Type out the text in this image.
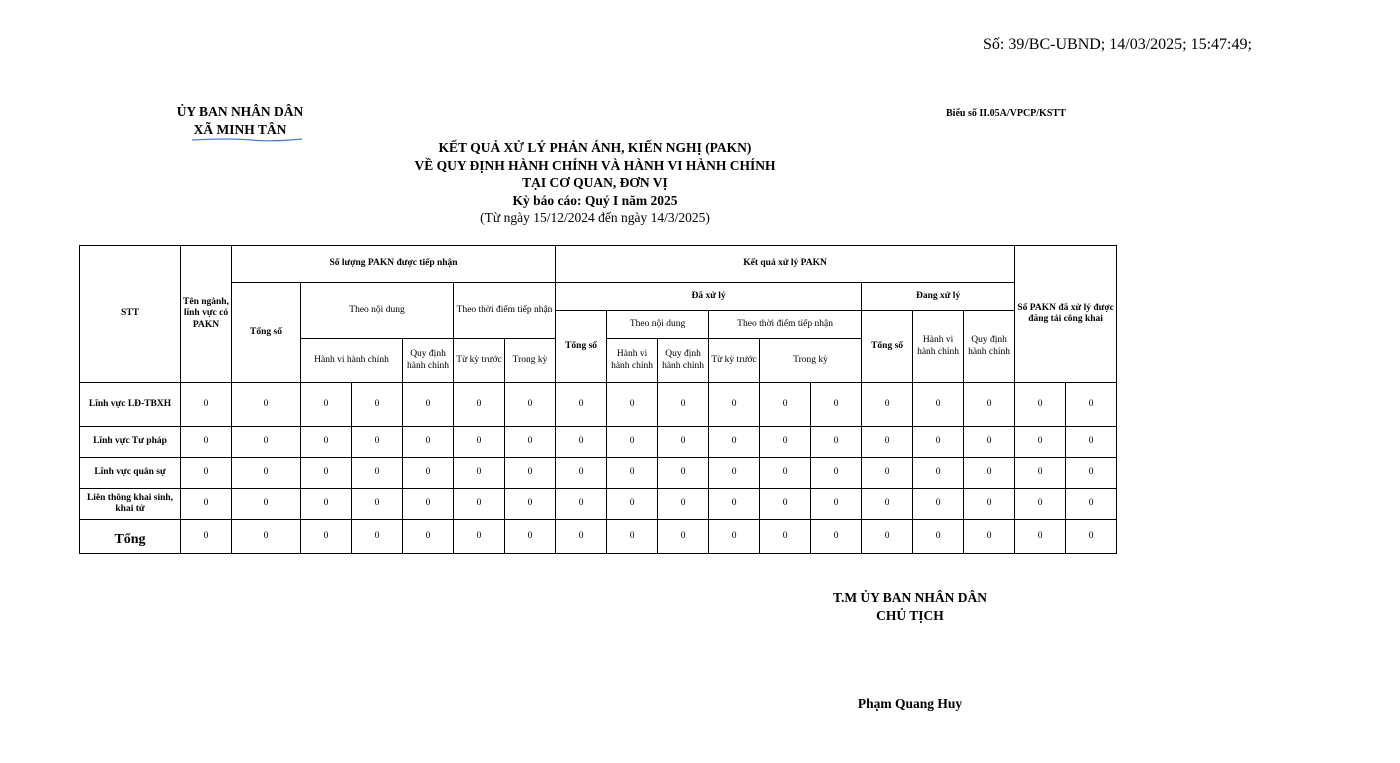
Số: 39/BC-UBND; 14/03/2025; 15:47:49;
ỦY BAN NHÂN DÂN
XÃ MINH TÂN
Biểu số II.05A/VPCP/KSTT
KẾT QUẢ XỬ LÝ PHẢN ÁNH, KIẾN NGHỊ (PAKN)
VỀ QUY ĐỊNH HÀNH CHÍNH VÀ HÀNH VI HÀNH CHÍNH
TẠI CƠ QUAN, ĐƠN VỊ
Kỳ báo cáo: Quý I năm 2025
(Từ ngày 15/12/2024 đến ngày 14/3/2025)
STT	Tên ngành, lĩnh vực có PAKN	Số lượng PAKN được tiếp nhận						Kết quả xử lý PAKN									Số PAKN đã xử lý được đăng tải công khai	
		Tổng số	Theo nội dung			Theo thời điểm tiếp nhận		Đã xử lý						Đang xử lý				
								Tổng số	Theo nội dung		Theo thời điểm tiếp nhận			Tổng số	Hành vi hành chính	Quy định hành chính		
			Hành vi hành chính		Quy định hành chính	Từ kỳ trước	Trong kỳ		Hành vi hành chính	Quy định hành chính	Từ kỳ trước	Trong kỳ						
Lĩnh vực LĐ-TBXH	0	0	0	0	0	0	0	0	0	0	0	0	0	0	0	0	0	0
Lĩnh vực Tư pháp	0	0	0	0	0	0	0	0	0	0	0	0	0	0	0	0	0	0
Lĩnh vực quân sự	0	0	0	0	0	0	0	0	0	0	0	0	0	0	0	0	0	0
Liên thông khai sinh, khai tử	0	0	0	0	0	0	0	0	0	0	0	0	0	0	0	0	0	0
Tổng	0	0	0	0	0	0	0	0	0	0	0	0	0	0	0	0	0	0
T.M ỦY BAN NHÂN DÂN
CHỦ TỊCH
Phạm Quang Huy
